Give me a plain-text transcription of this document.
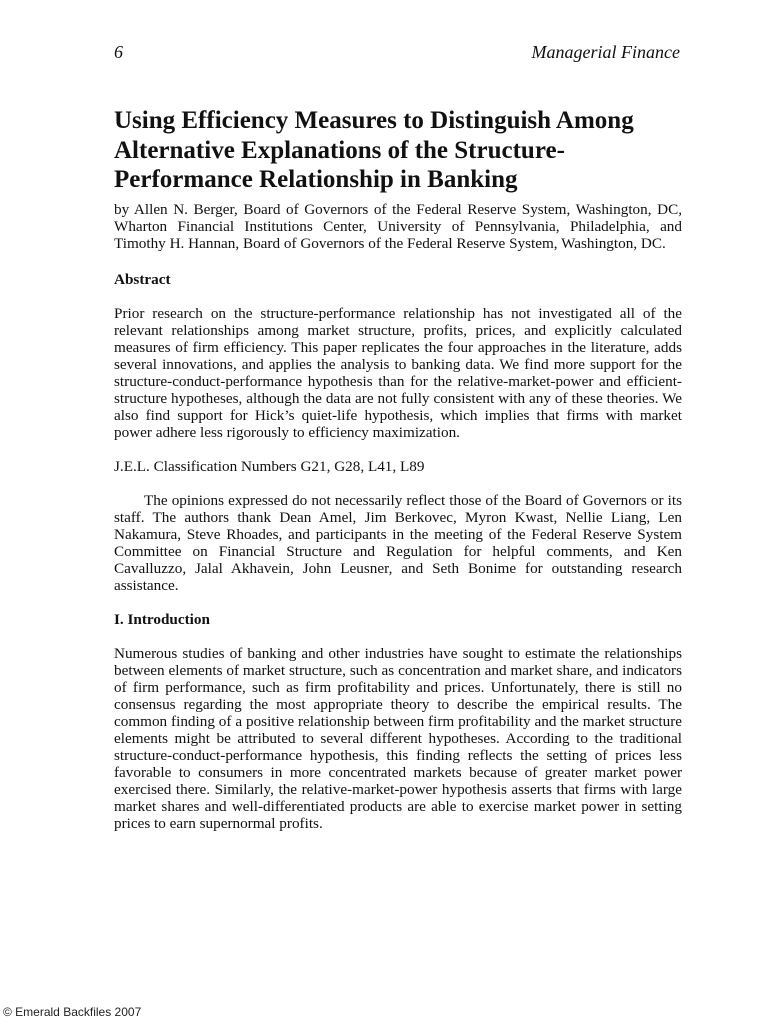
6	Managerial Finance
Using Efficiency Measures to Distinguish Among Alternative Explanations of the Structure-Performance Relationship in Banking

by Allen N. Berger, Board of Governors of the Federal Reserve System, Washington, DC, Wharton Financial Institutions Center, University of Pennsylvania, Philadelphia, and Timothy H. Hannan, Board of Governors of the Federal Reserve System, Washington, DC.

Abstract

Prior research on the structure-performance relationship has not investigated all of the relevant relationships among market structure, profits, prices, and explicitly calculated measures of firm efficiency. This paper replicates the four approaches in the literature, adds several innovations, and applies the analysis to banking data. We find more support for the structure-conduct-performance hypothesis than for the relative-market-power and efficient-structure hypotheses, although the data are not fully consistent with any of these theories. We also find support for Hick’s quiet-life hypothesis, which implies that firms with market power adhere less rigorously to efficiency maximization.

J.E.L. Classification Numbers G21, G28, L41, L89

The opinions expressed do not necessarily reflect those of the Board of Governors or its staff. The authors thank Dean Amel, Jim Berkovec, Myron Kwast, Nellie Liang, Len Nakamura, Steve Rhoades, and participants in the meeting of the Federal Reserve System Committee on Financial Structure and Regulation for helpful comments, and Ken Cavalluzzo, Jalal Akhavein, John Leusner, and Seth Bonime for outstanding research assistance.

I. Introduction

Numerous studies of banking and other industries have sought to estimate the relationships between elements of market structure, such as concentration and market share, and indicators of firm performance, such as firm profitability and prices. Unfortunately, there is still no consensus regarding the most appropriate theory to describe the empirical results. The common finding of a positive relationship between firm profitability and the market structure elements might be attributed to several different hypotheses. According to the traditional structure-conduct-performance hypothesis, this finding reflects the setting of prices less favorable to consumers in more concentrated markets because of greater market power exercised there. Similarly, the relative-market-power hypothesis asserts that firms with large market shares and well-differentiated products are able to exercise market power in setting prices to earn supernormal profits.

© Emerald Backfiles 2007
